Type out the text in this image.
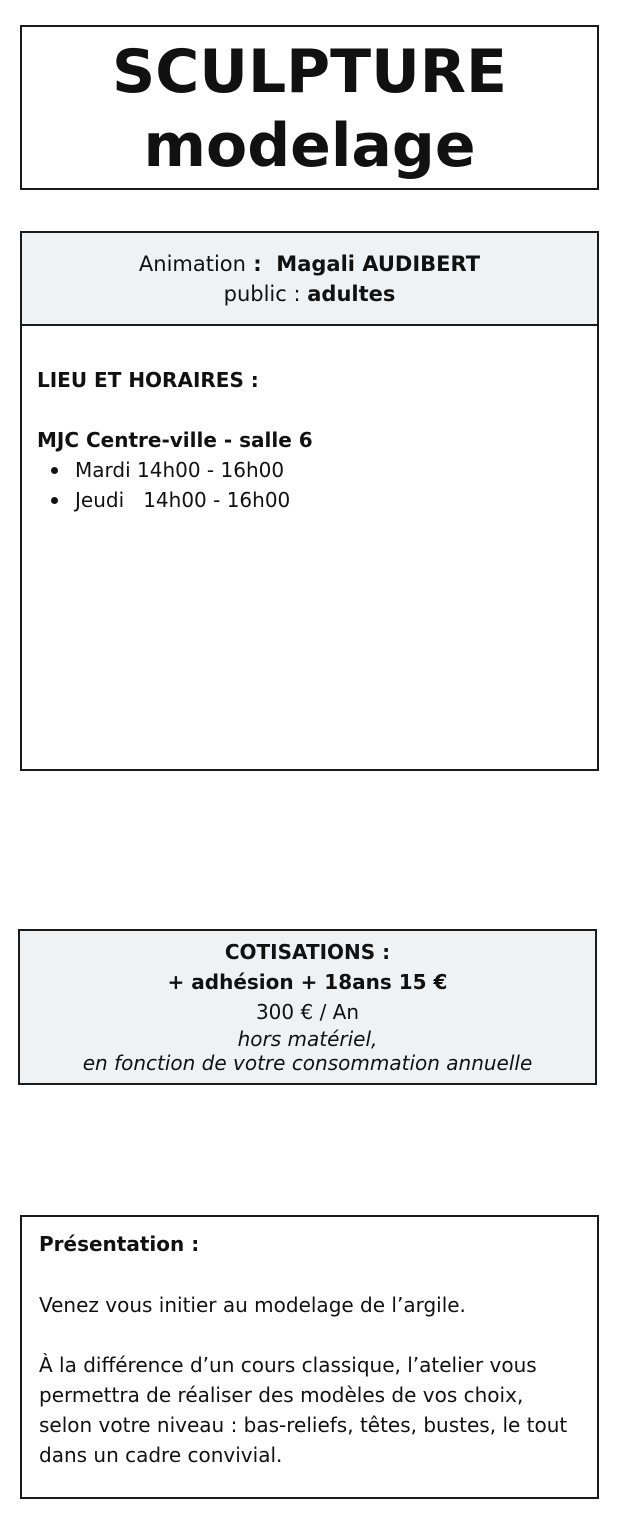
SCULPTURE
modelage
Animation :  Magali AUDIBERT
public : adultes
LIEU ET HORAIRES :
MJC Centre-ville - salle 6
Mardi 14h00 - 16h00
Jeudi   14h00 - 16h00
COTISATIONS :
+ adhésion + 18ans 15 €
300 € / An
hors matériel,
en fonction de votre consommation annuelle
Présentation :
Venez vous initier au modelage de l’argile.
À la différence d’un cours classique, l’atelier vous permettra de réaliser des modèles de vos choix, selon votre niveau : bas-reliefs, têtes, bustes, le tout dans un cadre convivial.
